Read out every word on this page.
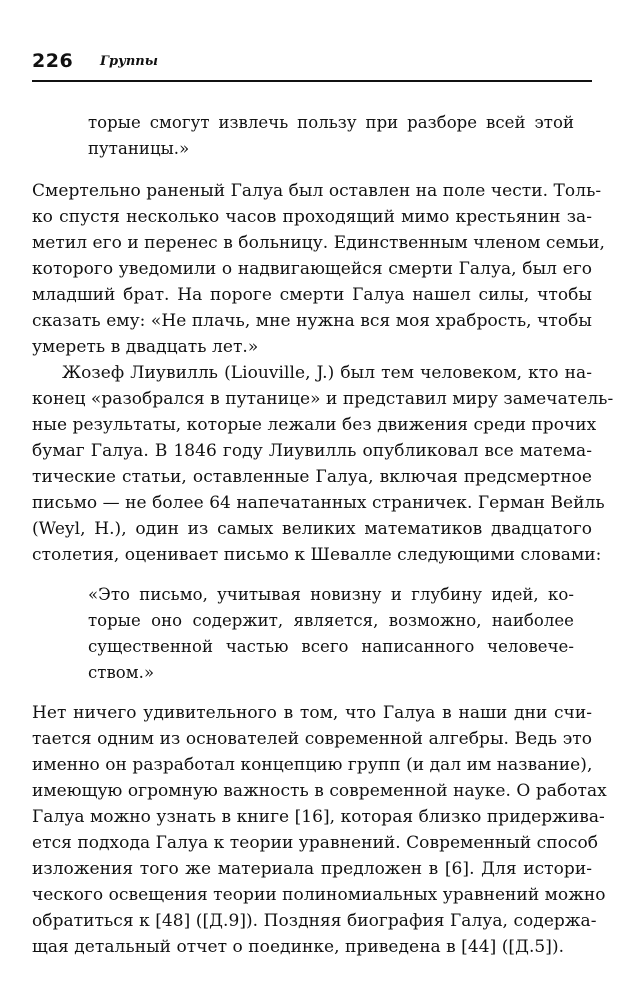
226 Группы
торые смогут извлечь пользу при разборе всей этой
путаницы.»
Смертельно раненый Галуа был оставлен на поле чести. Толь-
ко спустя несколько часов проходящий мимо крестьянин за-
метил его и перенес в больницу. Единственным членом семьи,
которого уведомили о надвигающейся смерти Галуа, был его
младший брат. На пороге смерти Галуа нашел силы, чтобы
сказать ему: «Не плачь, мне нужна вся моя храбрость, чтобы
умереть в двадцать лет.»
Жозеф Лиувилль (Liouville, J.) был тем человеком, кто на-
конец «разобрался в путанице» и представил миру замечатель-
ные результаты, которые лежали без движения среди прочих
бумаг Галуа. В 1846 году Лиувилль опубликовал все матема-
тические статьи, оставленные Галуа, включая предсмертное
письмо — не более 64 напечатанных страничек. Герман Вейль
(Weyl, H.), один из самых великих математиков двадцатого
столетия, оценивает письмо к Шевалле следующими словами:
«Это письмо, учитывая новизну и глубину идей, ко-
торые оно содержит, является, возможно, наиболее
существенной частью всего написанного человече-
ством.»
Нет ничего удивительного в том, что Галуа в наши дни счи-
тается одним из основателей современной алгебры. Ведь это
именно он разработал концепцию групп (и дал им название),
имеющую огромную важность в современной науке. О работах
Галуа можно узнать в книге [16], которая близко придержива-
ется подхода Галуа к теории уравнений. Современный способ
изложения того же материала предложен в [6]. Для истори-
ческого освещения теории полиномиальных уравнений можно
обратиться к [48] ([Д.9]). Поздняя биография Галуа, содержа-
щая детальный отчет о поединке, приведена в [44] ([Д.5]).
